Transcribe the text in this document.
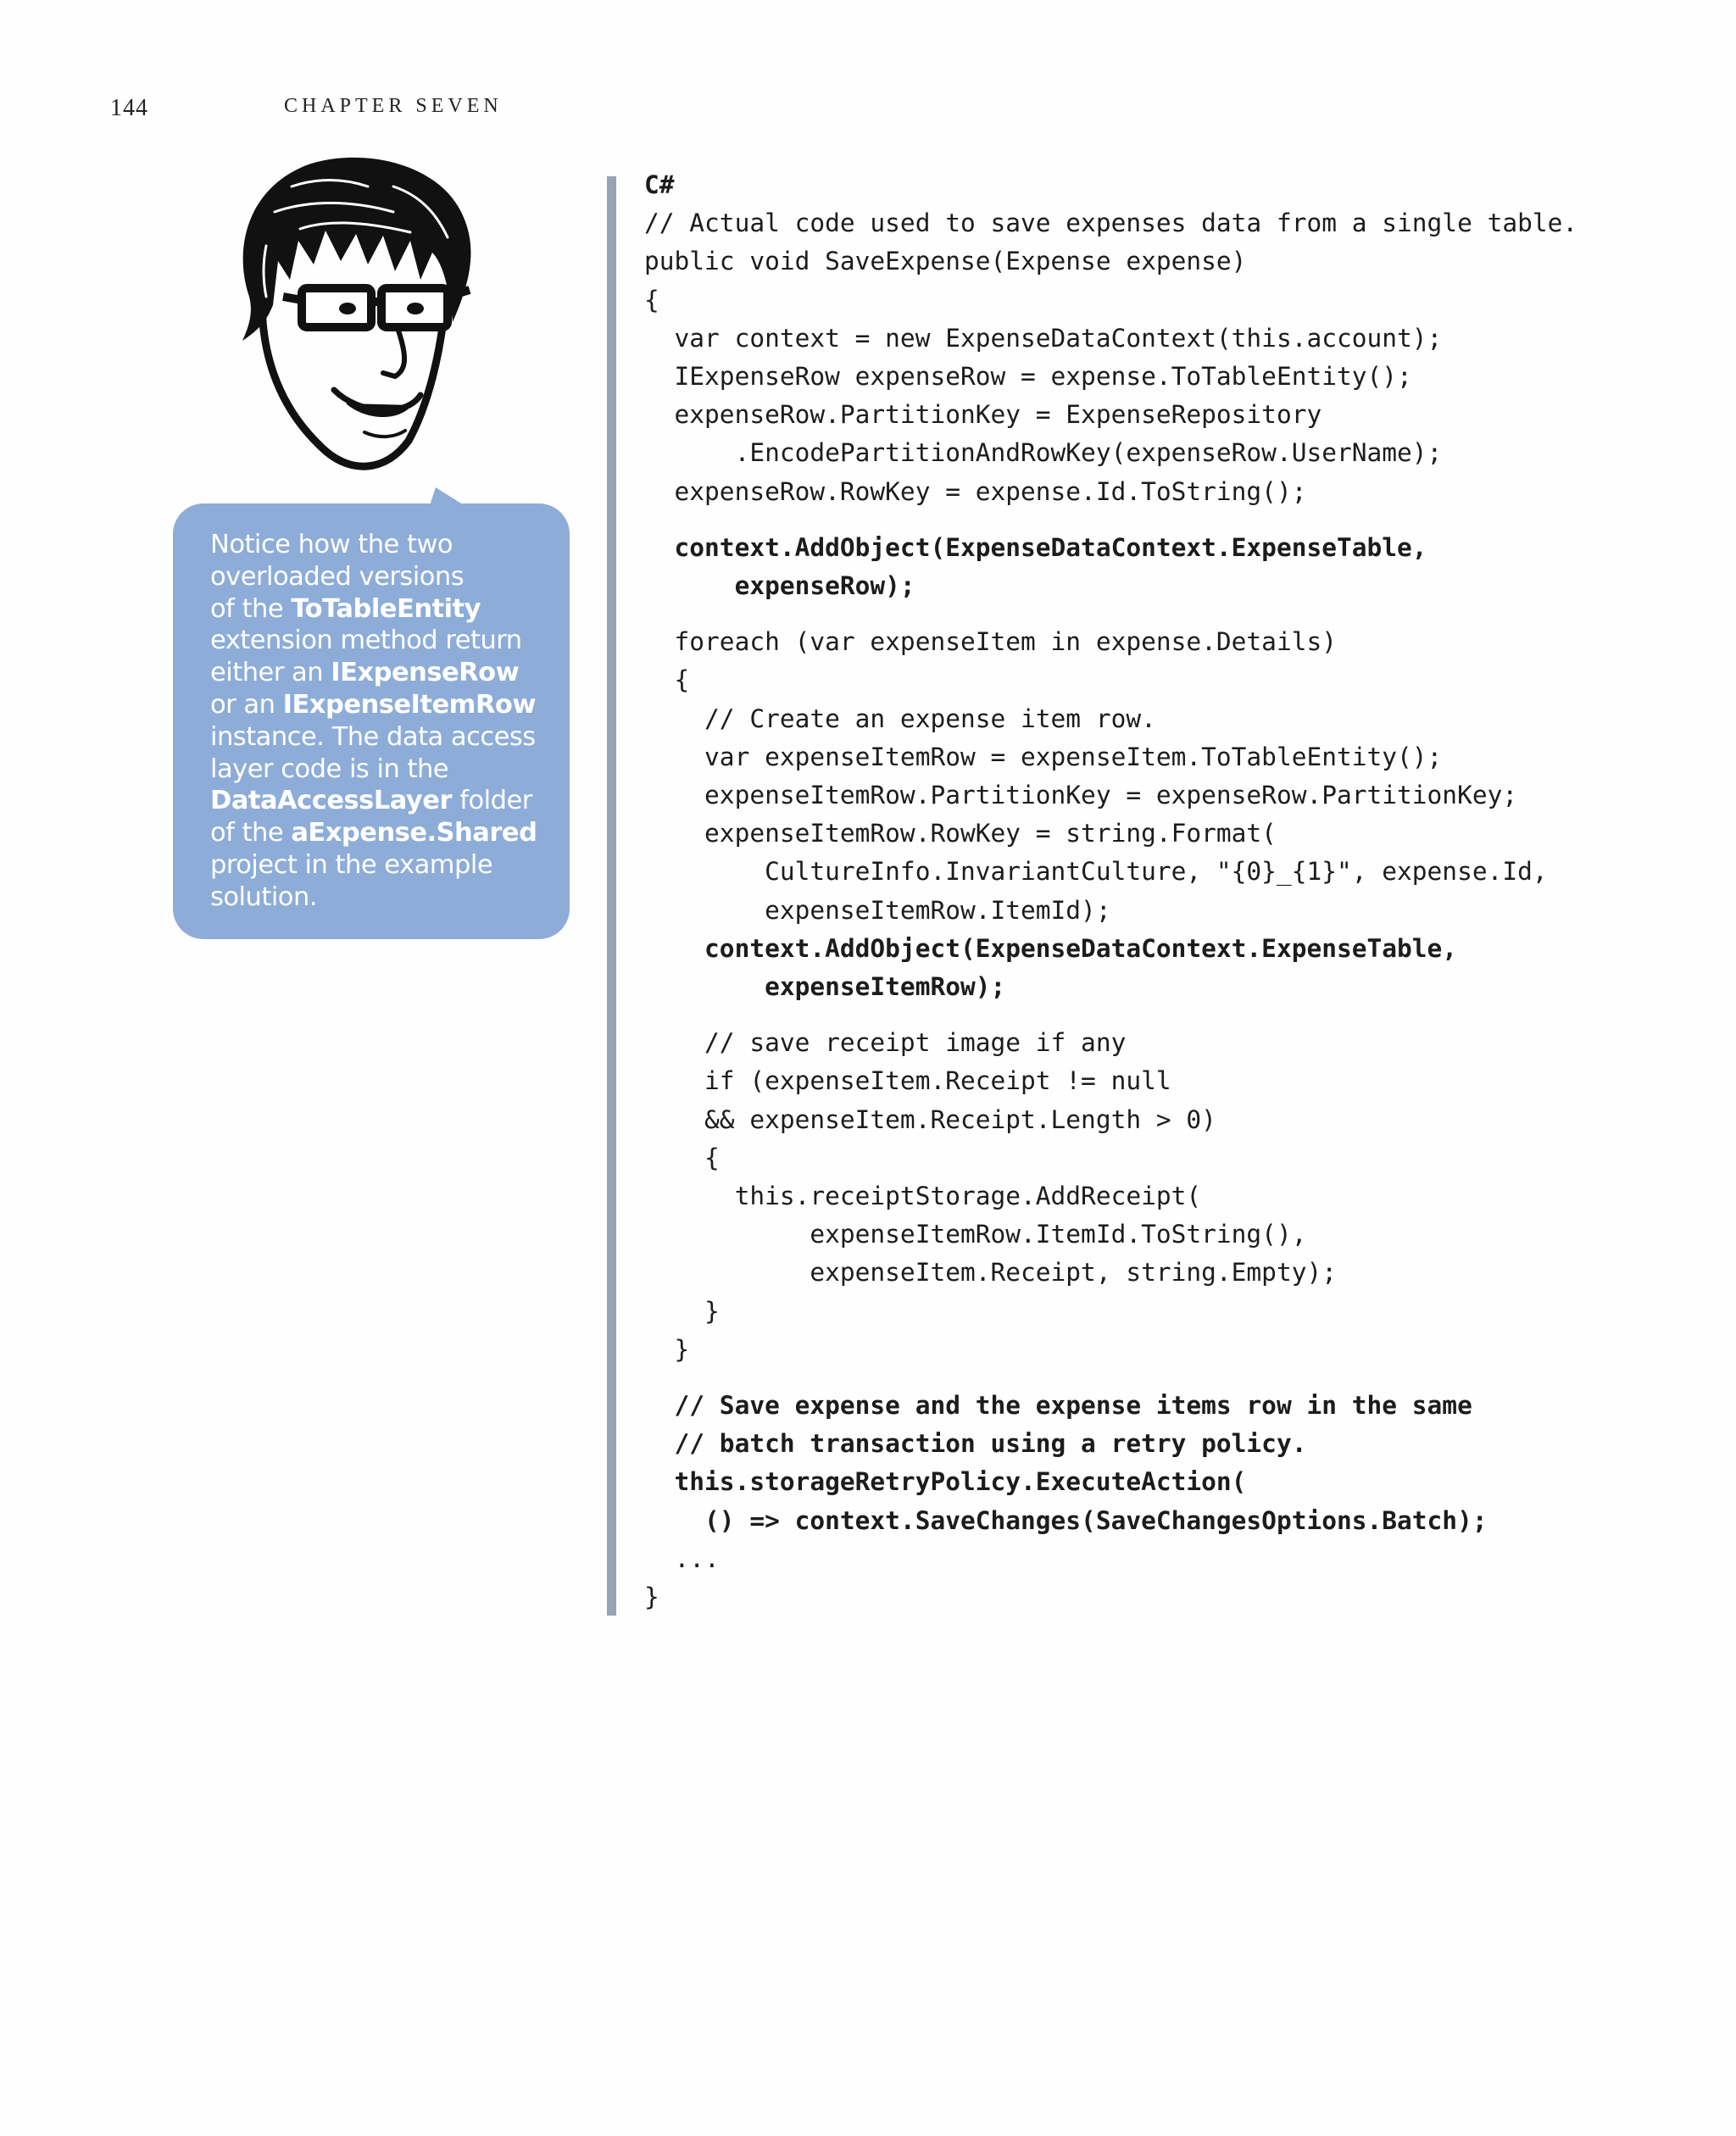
144	CHAPTER SEVEN
Notice how the two
overloaded versions
of the ToTableEntity
extension method return
either an IExpenseRow
or an IExpenseItemRow
instance. The data access
layer code is in the
DataAccessLayer folder
of the aExpense.Shared
project in the example
solution.
C#
// Actual code used to save expenses data from a single table.
public void SaveExpense(Expense expense)
{
var context = new ExpenseDataContext(this.account);
IExpenseRow expenseRow = expense.ToTableEntity();
expenseRow.PartitionKey = ExpenseRepository
.EncodePartitionAndRowKey(expenseRow.UserName);
expenseRow.RowKey = expense.Id.ToString();
context.AddObject(ExpenseDataContext.ExpenseTable,
expenseRow);
foreach (var expenseItem in expense.Details)
{
// Create an expense item row.
var expenseItemRow = expenseItem.ToTableEntity();
expenseItemRow.PartitionKey = expenseRow.PartitionKey;
expenseItemRow.RowKey = string.Format(
CultureInfo.InvariantCulture, "{0}_{1}", expense.Id,
expenseItemRow.ItemId);
context.AddObject(ExpenseDataContext.ExpenseTable,
expenseItemRow);
// save receipt image if any
if (expenseItem.Receipt != null
&& expenseItem.Receipt.Length > 0)
{
this.receiptStorage.AddReceipt(
expenseItemRow.ItemId.ToString(),
expenseItem.Receipt, string.Empty);
}
}
// Save expense and the expense items row in the same
// batch transaction using a retry policy.
this.storageRetryPolicy.ExecuteAction(
() => context.SaveChanges(SaveChangesOptions.Batch);
...
}
